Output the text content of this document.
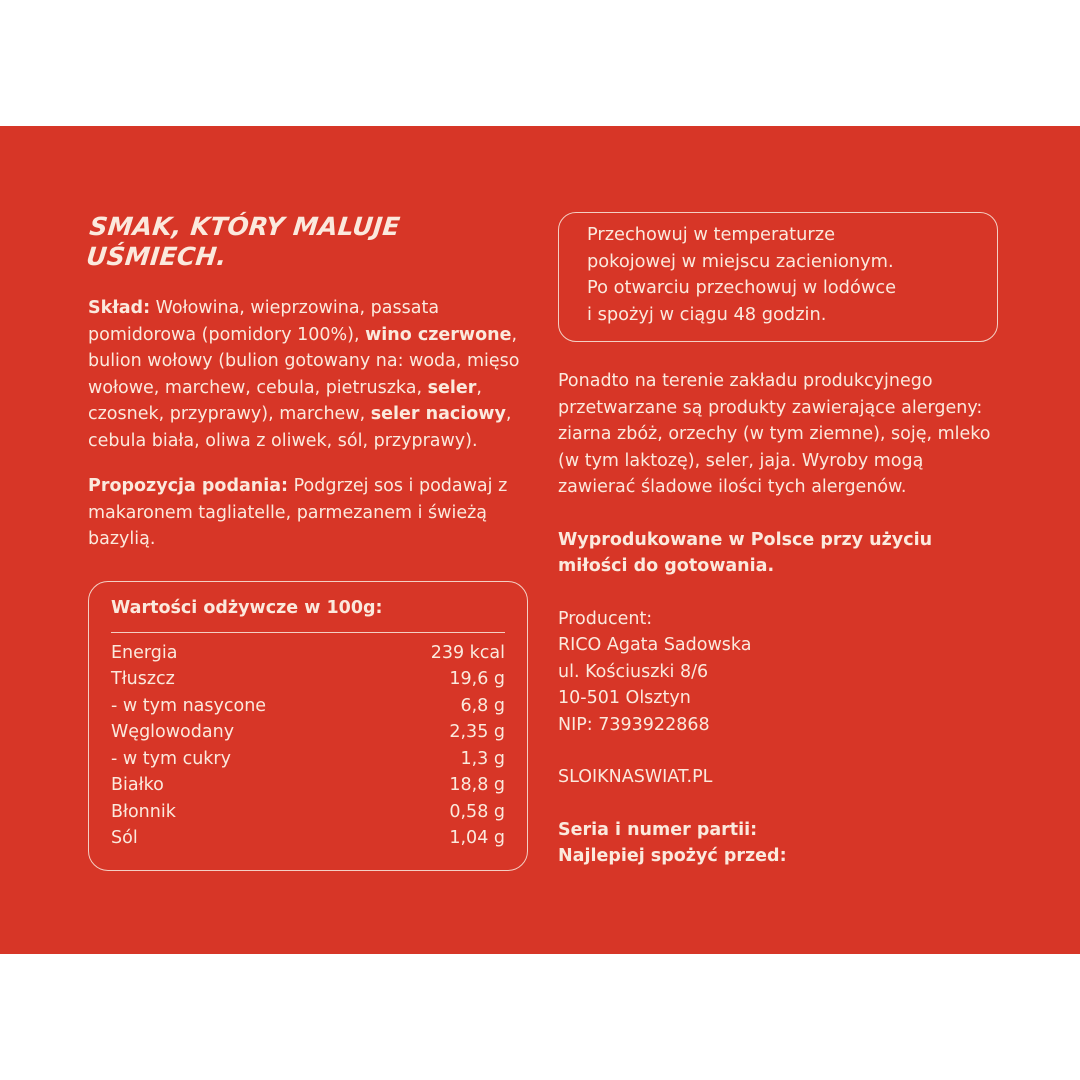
SMAK, KTÓRY MALUJE UŚMIECH.

Skład: Wołowina, wieprzowina, passata pomidorowa (pomidory 100%), wino czerwone, bulion wołowy (bulion gotowany na: woda, mięso wołowe, marchew, cebula, pietruszka, seler, czosnek, przyprawy), marchew, seler naciowy, cebula biała, oliwa z oliwek, sól, przyprawy).

Propozycja podania: Podgrzej sos i podawaj z makaronem tagliatelle, parmezanem i świeżą bazylią.

Wartości odżywcze w 100g:
Energia	239 kcal
Tłuszcz	19,6 g
- w tym nasycone	6,8 g
Węglowodany	2,35 g
- w tym cukry	1,3 g
Białko	18,8 g
Błonnik	0,58 g
Sól	1,04 g
Przechowuj w temperaturze
pokojowej w miejscu zacienionym.
Po otwarciu przechowuj w lodówce
i spożyj w ciągu 48 godzin.

Ponadto na terenie zakładu produkcyjnego przetwarzane są produkty zawierające alergeny: ziarna zbóż, orzechy (w tym ziemne), soję, mleko (w tym laktozę), seler, jaja. Wyroby mogą zawierać śladowe ilości tych alergenów.

Wyprodukowane w Polsce przy użyciu miłości do gotowania.

Producent:

RICO Agata Sadowska

ul. Kościuszki 8/6

10-501 Olsztyn

NIP: 7393922868

SLOIKNASWIAT.PL

Seria i numer partii:

Najlepiej spożyć przed:
